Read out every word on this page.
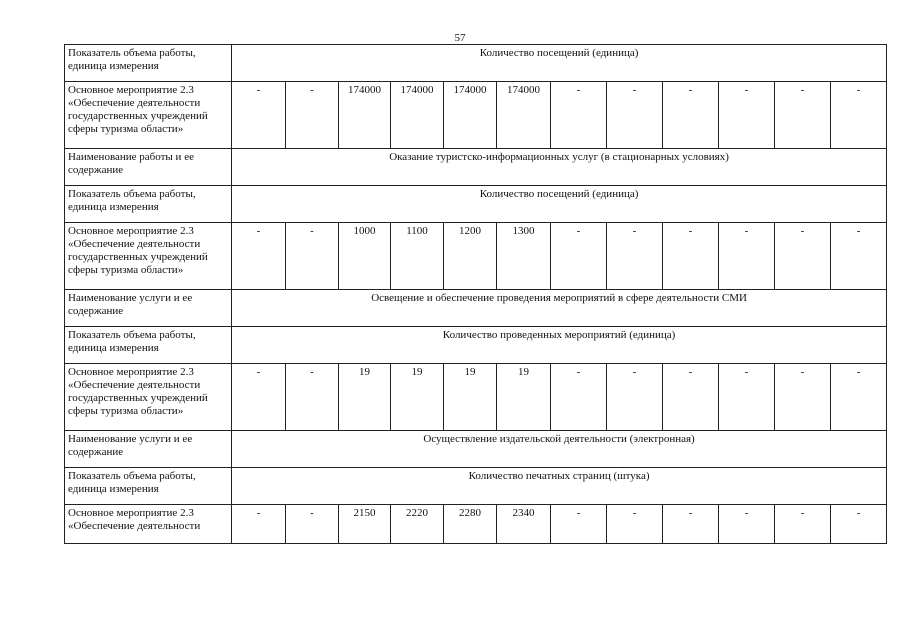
57
Показатель объема работы, единица измерения	Количество посещений (единица)											
Основное мероприятие 2.3 «Обеспечение деятельности государственных учреждений сферы туризма области»	-	-	174000	174000	174000	174000	-	-	-	-	-	-
Наименование работы и ее содержание	Оказание туристско-информационных услуг (в стационарных условиях)											
Показатель объема работы, единица измерения	Количество посещений (единица)											
Основное мероприятие 2.3 «Обеспечение деятельности государственных учреждений сферы туризма области»	-	-	1000	1100	1200	1300	-	-	-	-	-	-
Наименование услуги и ее содержание	Освещение и обеспечение проведения мероприятий в сфере деятельности СМИ											
Показатель объема работы, единица измерения	Количество проведенных мероприятий (единица)											
Основное мероприятие 2.3 «Обеспечение деятельности государственных учреждений сферы туризма области»	-	-	19	19	19	19	-	-	-	-	-	-
Наименование услуги и ее содержание	Осуществление издательской деятельности (электронная)											
Показатель объема работы, единица измерения	Количество печатных страниц (штука)											
Основное мероприятие 2.3 «Обеспечение деятельности	-	-	2150	2220	2280	2340	-	-	-	-	-	-
